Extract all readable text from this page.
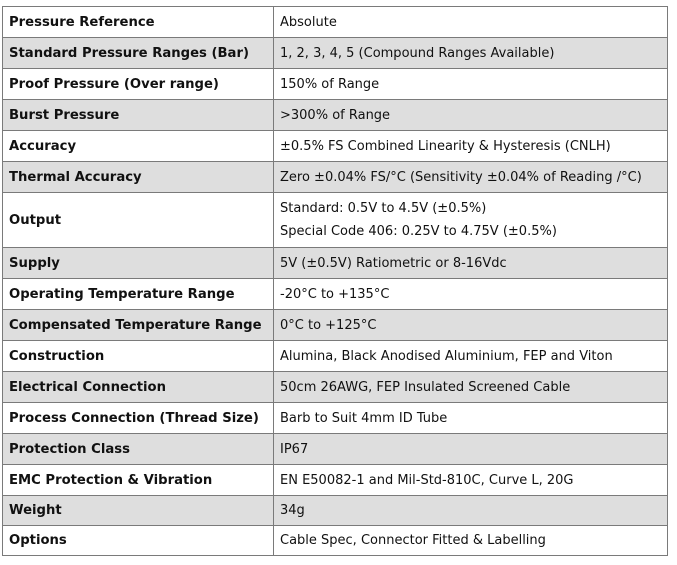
Pressure Reference	Absolute
Standard Pressure Ranges (Bar)	1, 2, 3, 4, 5 (Compound Ranges Available)
Proof Pressure (Over range)	150% of Range
Burst Pressure	>300% of Range
Accuracy	±0.5% FS Combined Linearity & Hysteresis (CNLH)
Thermal Accuracy	Zero ±0.04% FS/°C (Sensitivity ±0.04% of Reading /°C)
Output	Standard: 0.5V to 4.5V (±0.5%)
Special Code 406: 0.25V to 4.75V (±0.5%)

Supply	5V (±0.5V) Ratiometric or 8-16Vdc
Operating Temperature Range	-20°C to +135°C
Compensated Temperature Range	0°C to +125°C
Construction	Alumina, Black Anodised Aluminium, FEP and Viton
Electrical Connection	50cm 26AWG, FEP Insulated Screened Cable
Process Connection (Thread Size)	Barb to Suit 4mm ID Tube
Protection Class	IP67
EMC Protection & Vibration	EN E50082-1 and Mil-Std-810C, Curve L, 20G
Weight	34g
Options	Cable Spec, Connector Fitted & Labelling
